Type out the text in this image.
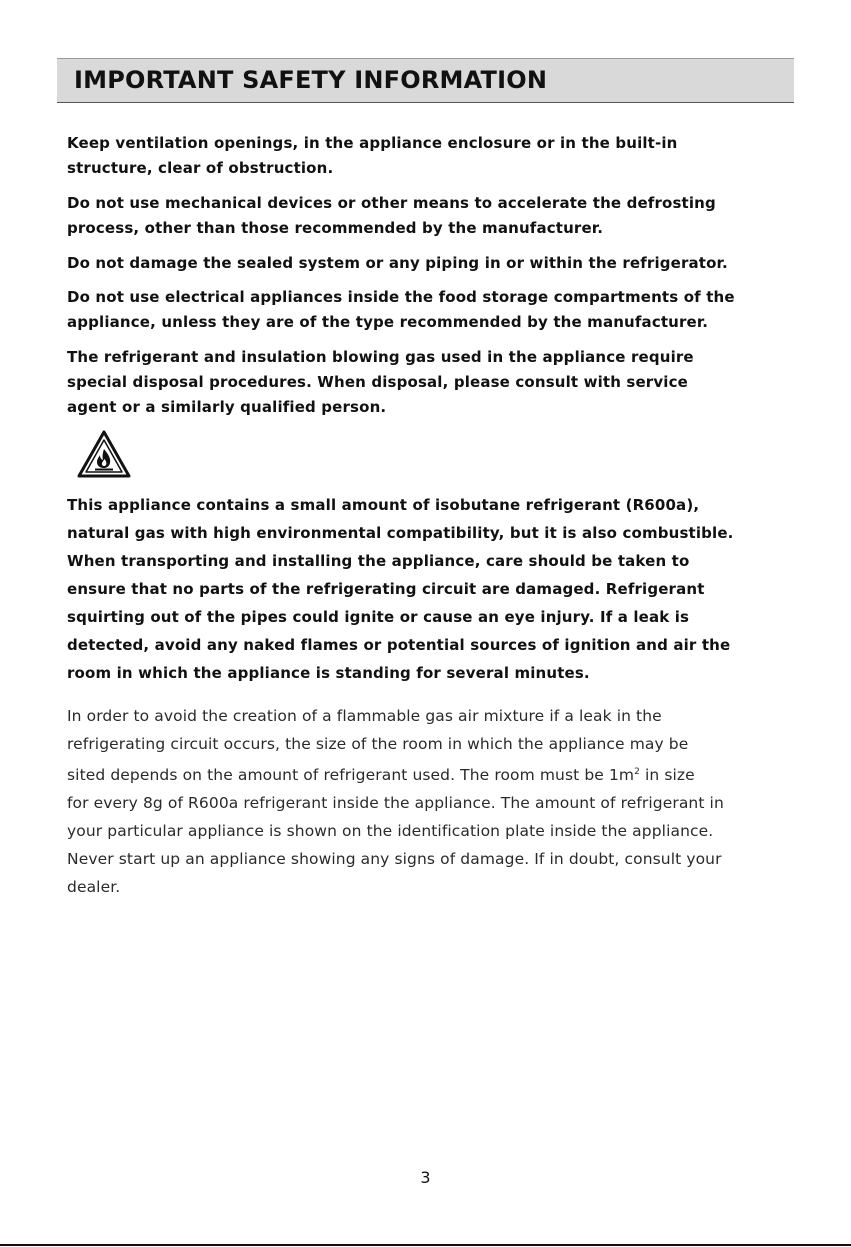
IMPORTANT SAFETY INFORMATION

Keep ventilation openings, in the appliance enclosure or in the built-in
structure, clear of obstruction.

Do not use mechanical devices or other means to accelerate the defrosting
process, other than those recommended by the manufacturer.

Do not damage the sealed system or any piping in or within the refrigerator.

Do not use electrical appliances inside the food storage compartments of the
appliance, unless they are of the type recommended by the manufacturer.

The refrigerant and insulation blowing gas used in the appliance require
special disposal procedures. When disposal, please consult with service
agent or a similarly qualified person.

This appliance contains a small amount of isobutane refrigerant (R600a),
natural gas with high environmental compatibility, but it is also combustible.
When transporting and installing the appliance, care should be taken to
ensure that no parts of the refrigerating circuit are damaged. Refrigerant
squirting out of the pipes could ignite or cause an eye injury. If a leak is
detected, avoid any naked flames or potential sources of ignition and air the
room in which the appliance is standing for several minutes.

In order to avoid the creation of a flammable gas air mixture if a leak in the
refrigerating circuit occurs, the size of the room in which the appliance may be
sited depends on the amount of refrigerant used. The room must be $1m^2$ in size
for every 8g of R600a refrigerant inside the appliance. The amount of refrigerant in
your particular appliance is shown on the identification plate inside the appliance.
Never start up an appliance showing any signs of damage. If in doubt, consult your
dealer.

3
